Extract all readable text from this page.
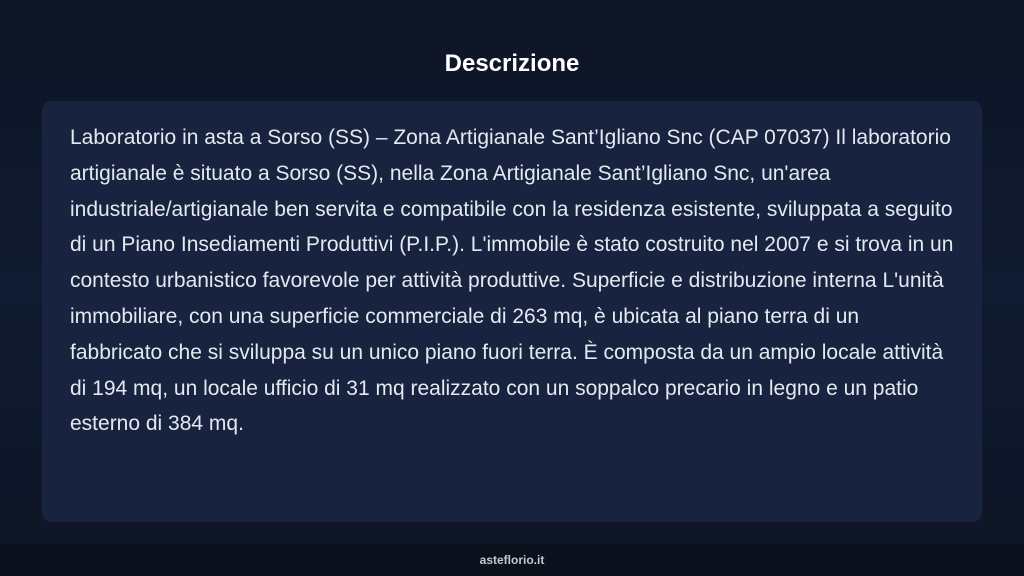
Descrizione

Laboratorio in asta a Sorso (SS) – Zona Artigianale Sant’Igliano Snc (CAP 07037) Il laboratorio artigianale è situato a Sorso (SS), nella Zona Artigianale Sant’Igliano Snc, un'area industriale/artigianale ben servita e compatibile con la residenza esistente, sviluppata a seguito di un Piano Insediamenti Produttivi (P.I.P.). L'immobile è stato costruito nel 2007 e si trova in un contesto urbanistico favorevole per attività produttive. Superficie e distribuzione interna L'unità immobiliare, con una superficie commerciale di 263 mq, è ubicata al piano terra di un fabbricato che si sviluppa su un unico piano fuori terra. È composta da un ampio locale attività di 194 mq, un locale ufficio di 31 mq realizzato con un soppalco precario in legno e un patio esterno di 384 mq.

asteflorio.it
